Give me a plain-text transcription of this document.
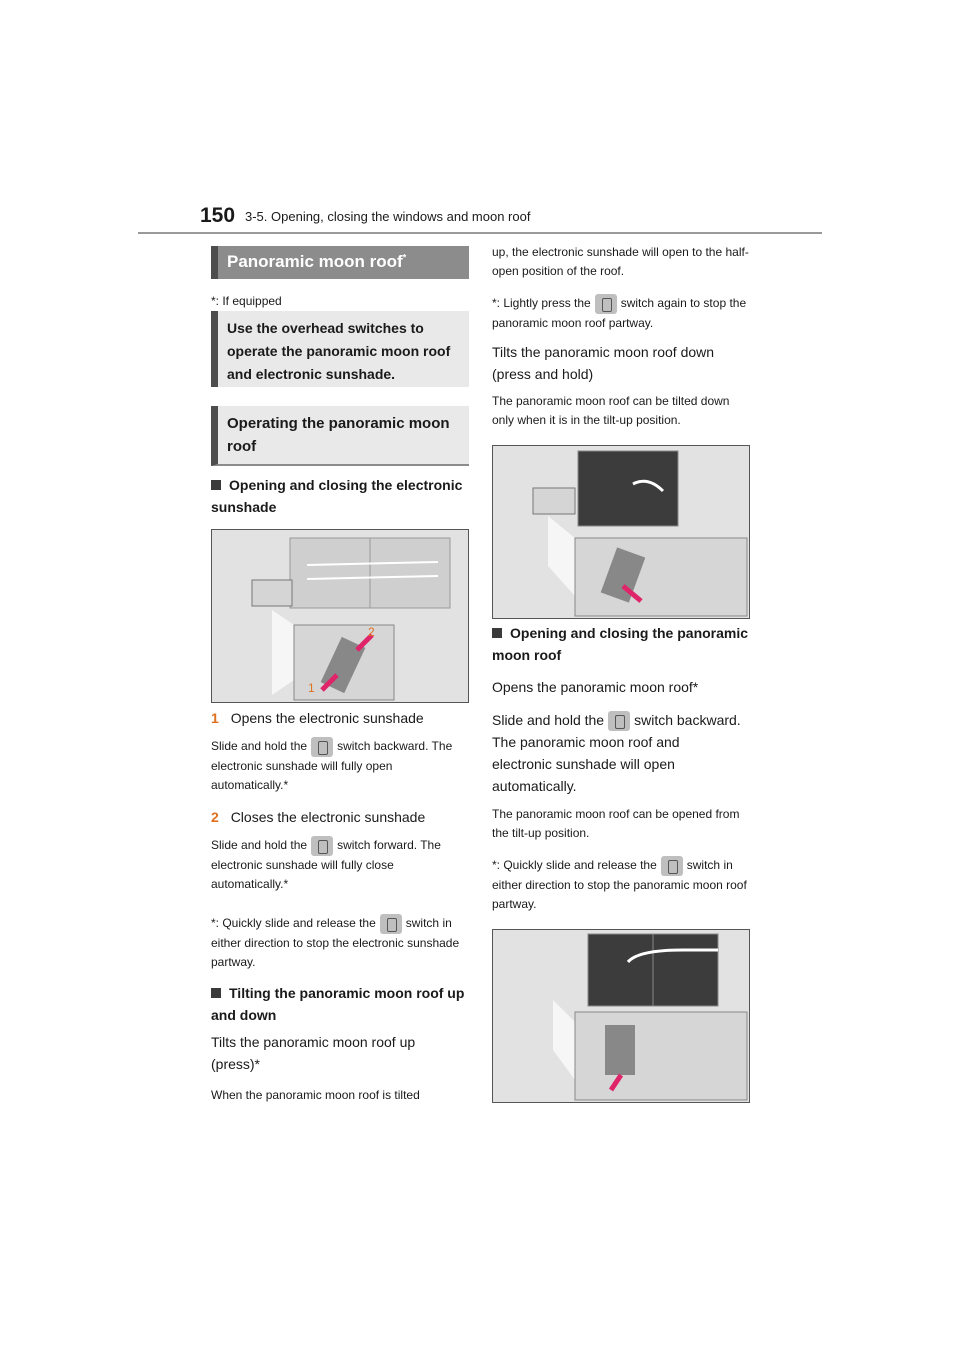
150 3-5. Opening, closing the windows and moon roof
Panoramic moon roof*
*: If equipped
Use the overhead switches to operate the panoramic moon roof and electronic sunshade.
Operating the panoramic moon roof
Opening and closing the electronic sunshade
2
1
1 Opens the electronic sunshade
Slide and hold the	switch backward. The electronic sunshade will fully open automatically.*
2 Closes the electronic sunshade
Slide and hold the	switch forward. The electronic sunshade will fully close automatically.*
*: Quickly slide and release the	switch in either direction to stop the electronic sunshade partway.
Tilting the panoramic moon roof up and down
Tilts the panoramic moon roof up (press)*
When the panoramic moon roof is tilted
up, the electronic sunshade will open to the half-open position of the roof.
*: Lightly press the	switch again to stop the panoramic moon roof partway.
Tilts the panoramic moon roof down (press and hold)
The panoramic moon roof can be tilted down only when it is in the tilt-up position.
Opening and closing the panoramic moon roof
Opens the panoramic moon roof*
Slide and hold the switch backward. The panoramic moon roof and electronic sunshade will open automatically.
The panoramic moon roof can be opened from the tilt-up position.
*: Quickly slide and release the	switch in either direction to stop the panoramic moon roof partway.
